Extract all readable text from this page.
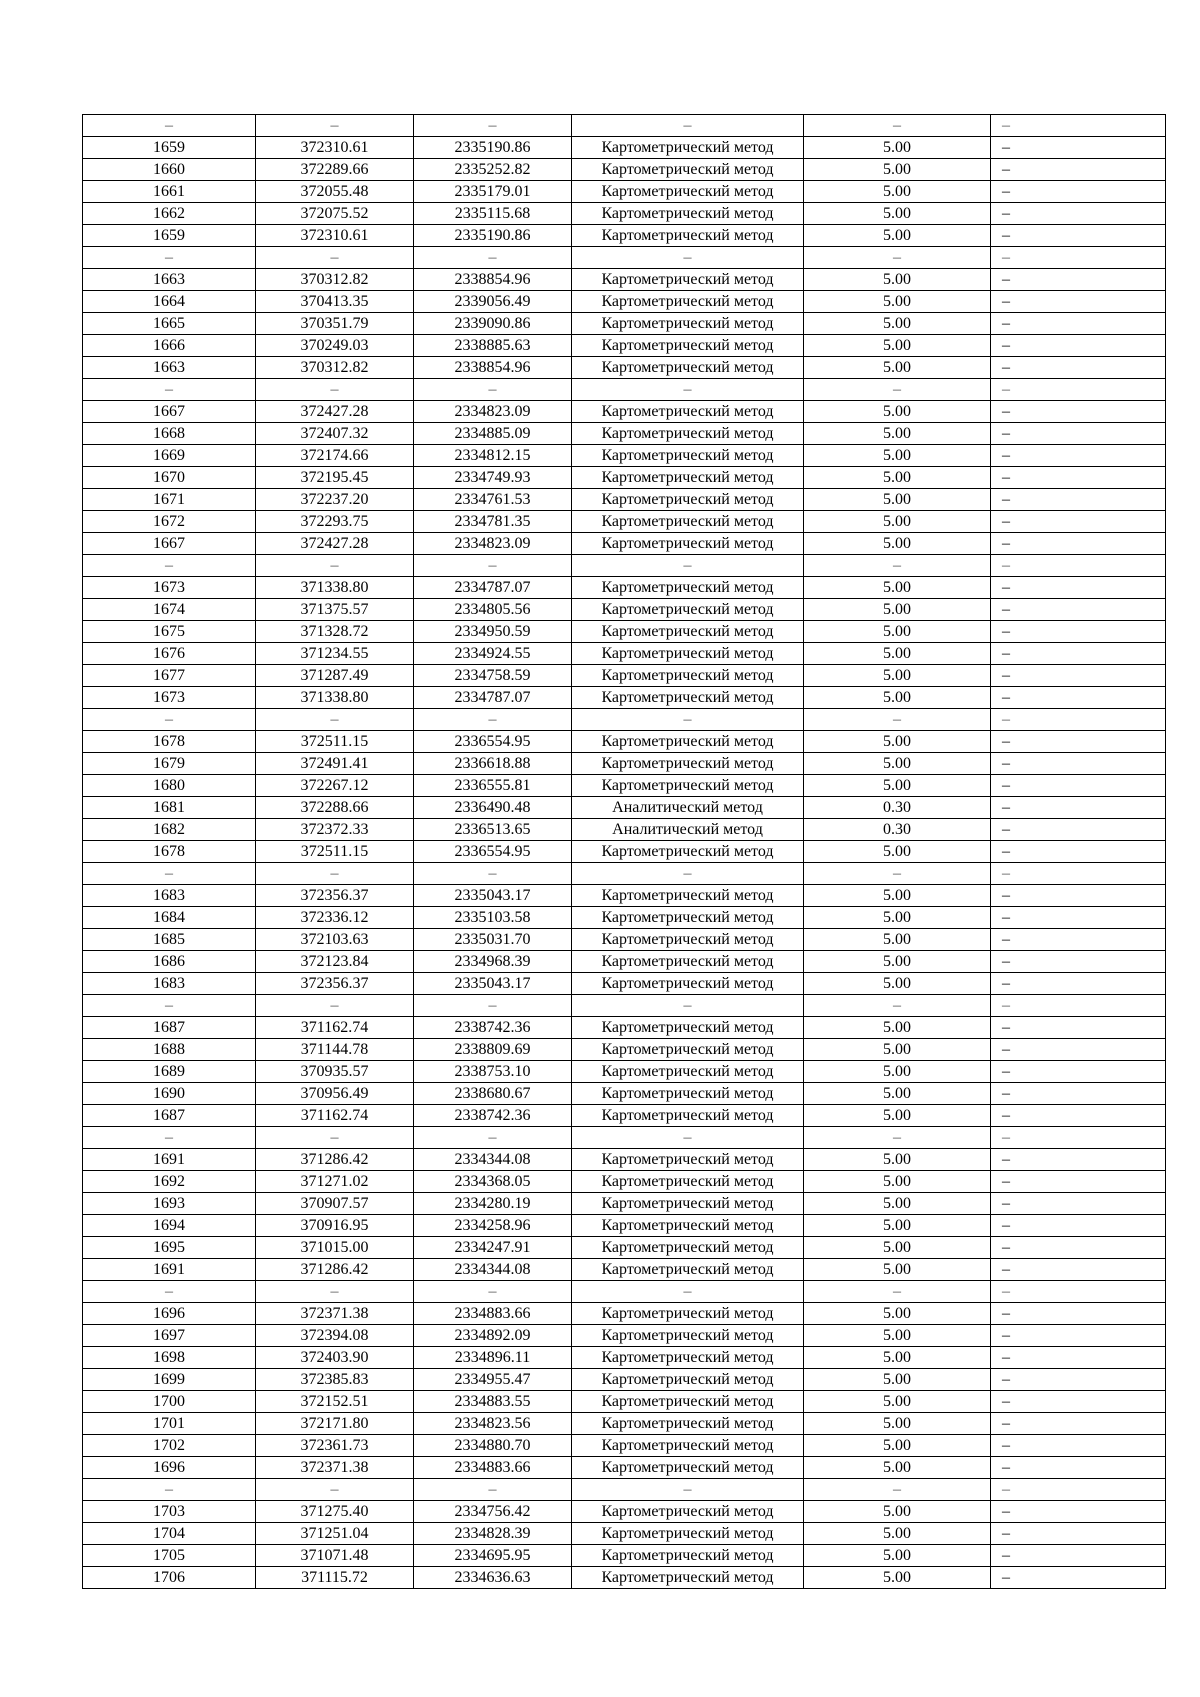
–	–	–	–	–	–
1659	372310.61	2335190.86	Картометрический метод	5.00	–
1660	372289.66	2335252.82	Картометрический метод	5.00	–
1661	372055.48	2335179.01	Картометрический метод	5.00	–
1662	372075.52	2335115.68	Картометрический метод	5.00	–
1659	372310.61	2335190.86	Картометрический метод	5.00	–
–	–	–	–	–	–
1663	370312.82	2338854.96	Картометрический метод	5.00	–
1664	370413.35	2339056.49	Картометрический метод	5.00	–
1665	370351.79	2339090.86	Картометрический метод	5.00	–
1666	370249.03	2338885.63	Картометрический метод	5.00	–
1663	370312.82	2338854.96	Картометрический метод	5.00	–
–	–	–	–	–	–
1667	372427.28	2334823.09	Картометрический метод	5.00	–
1668	372407.32	2334885.09	Картометрический метод	5.00	–
1669	372174.66	2334812.15	Картометрический метод	5.00	–
1670	372195.45	2334749.93	Картометрический метод	5.00	–
1671	372237.20	2334761.53	Картометрический метод	5.00	–
1672	372293.75	2334781.35	Картометрический метод	5.00	–
1667	372427.28	2334823.09	Картометрический метод	5.00	–
–	–	–	–	–	–
1673	371338.80	2334787.07	Картометрический метод	5.00	–
1674	371375.57	2334805.56	Картометрический метод	5.00	–
1675	371328.72	2334950.59	Картометрический метод	5.00	–
1676	371234.55	2334924.55	Картометрический метод	5.00	–
1677	371287.49	2334758.59	Картометрический метод	5.00	–
1673	371338.80	2334787.07	Картометрический метод	5.00	–
–	–	–	–	–	–
1678	372511.15	2336554.95	Картометрический метод	5.00	–
1679	372491.41	2336618.88	Картометрический метод	5.00	–
1680	372267.12	2336555.81	Картометрический метод	5.00	–
1681	372288.66	2336490.48	Аналитический метод	0.30	–
1682	372372.33	2336513.65	Аналитический метод	0.30	–
1678	372511.15	2336554.95	Картометрический метод	5.00	–
–	–	–	–	–	–
1683	372356.37	2335043.17	Картометрический метод	5.00	–
1684	372336.12	2335103.58	Картометрический метод	5.00	–
1685	372103.63	2335031.70	Картометрический метод	5.00	–
1686	372123.84	2334968.39	Картометрический метод	5.00	–
1683	372356.37	2335043.17	Картометрический метод	5.00	–
–	–	–	–	–	–
1687	371162.74	2338742.36	Картометрический метод	5.00	–
1688	371144.78	2338809.69	Картометрический метод	5.00	–
1689	370935.57	2338753.10	Картометрический метод	5.00	–
1690	370956.49	2338680.67	Картометрический метод	5.00	–
1687	371162.74	2338742.36	Картометрический метод	5.00	–
–	–	–	–	–	–
1691	371286.42	2334344.08	Картометрический метод	5.00	–
1692	371271.02	2334368.05	Картометрический метод	5.00	–
1693	370907.57	2334280.19	Картометрический метод	5.00	–
1694	370916.95	2334258.96	Картометрический метод	5.00	–
1695	371015.00	2334247.91	Картометрический метод	5.00	–
1691	371286.42	2334344.08	Картометрический метод	5.00	–
–	–	–	–	–	–
1696	372371.38	2334883.66	Картометрический метод	5.00	–
1697	372394.08	2334892.09	Картометрический метод	5.00	–
1698	372403.90	2334896.11	Картометрический метод	5.00	–
1699	372385.83	2334955.47	Картометрический метод	5.00	–
1700	372152.51	2334883.55	Картометрический метод	5.00	–
1701	372171.80	2334823.56	Картометрический метод	5.00	–
1702	372361.73	2334880.70	Картометрический метод	5.00	–
1696	372371.38	2334883.66	Картометрический метод	5.00	–
–	–	–	–	–	–
1703	371275.40	2334756.42	Картометрический метод	5.00	–
1704	371251.04	2334828.39	Картометрический метод	5.00	–
1705	371071.48	2334695.95	Картометрический метод	5.00	–
1706	371115.72	2334636.63	Картометрический метод	5.00	–
